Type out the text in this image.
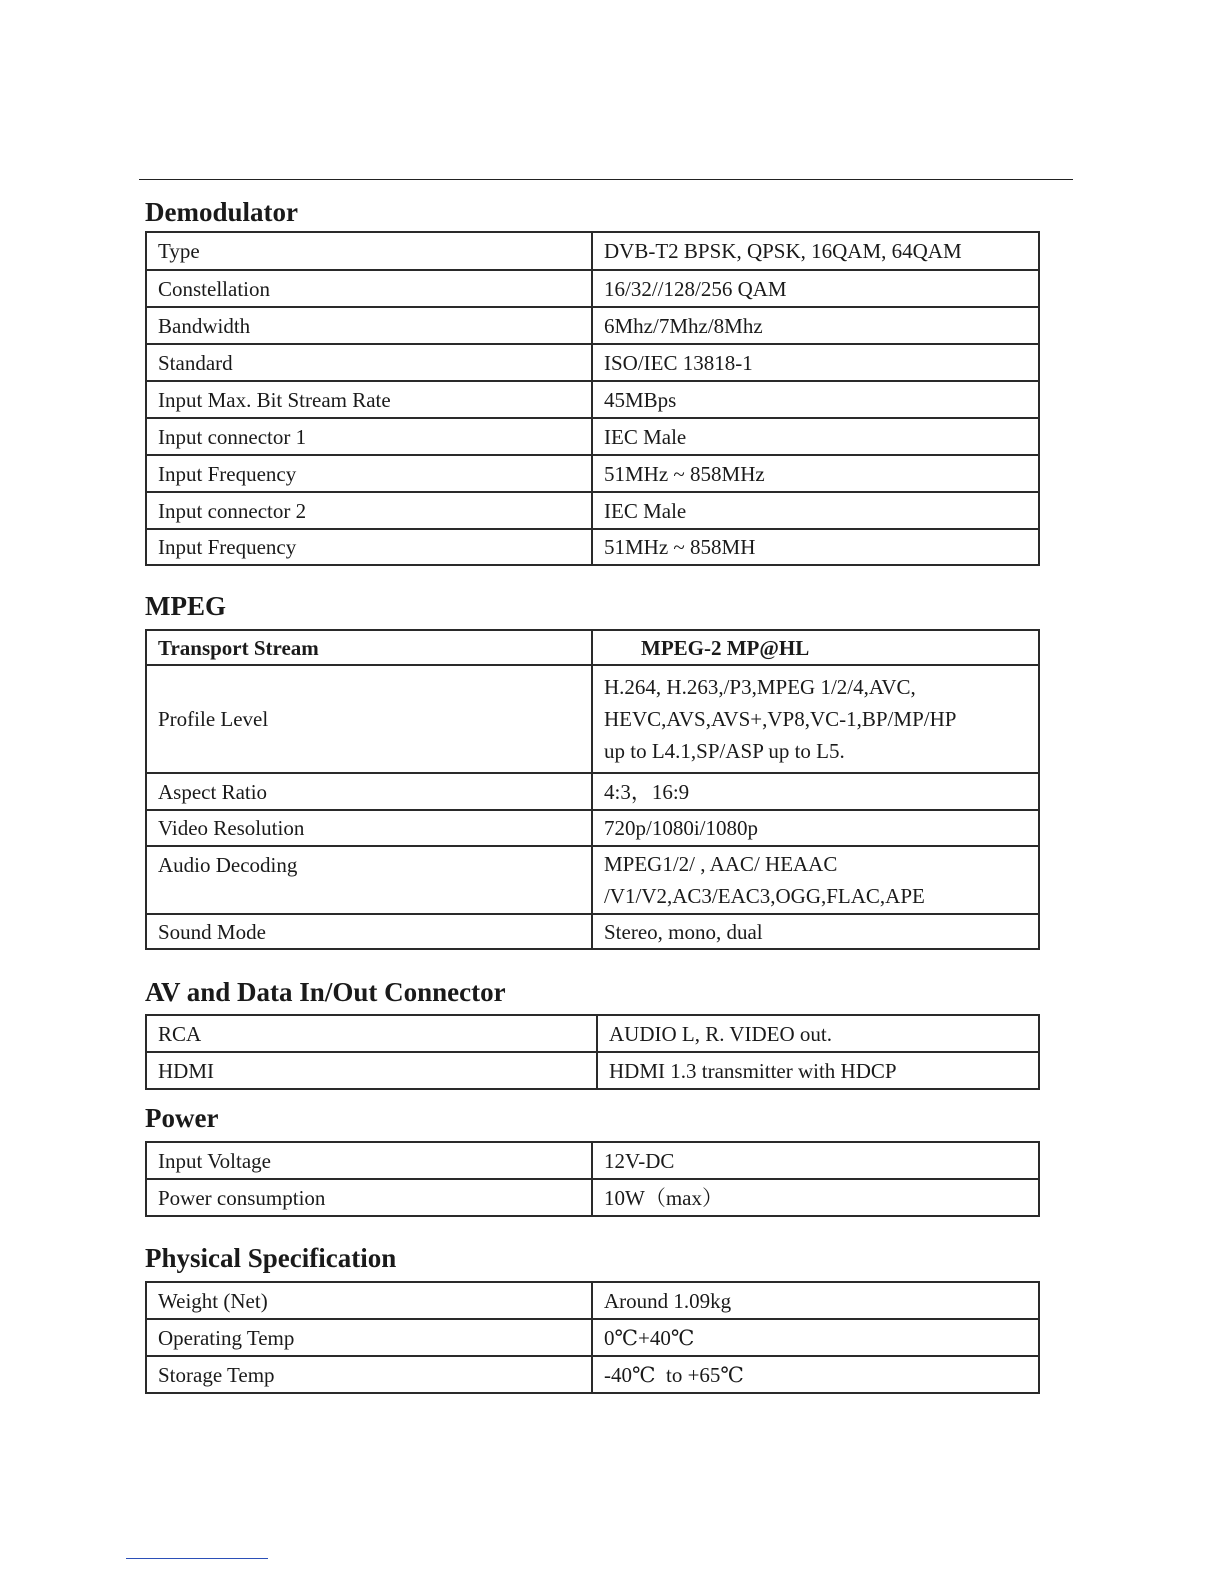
Demodulator
Type	DVB-T2 BPSK, QPSK, 16QAM, 64QAM
Constellation	16/32//128/256 QAM
Bandwidth	6Mhz/7Mhz/8Mhz
Standard	ISO/IEC 13818-1
Input Max. Bit Stream Rate	45MBps
Input connector 1	IEC Male
Input Frequency	51MHz ~ 858MHz
Input connector 2	IEC Male
Input Frequency	51MHz ~ 858MH
MPEG
Transport Stream	MPEG-2 MP@HL
Profile Level	H.264, H.263,/P3,MPEG 1/2/4,AVC,
HEVC,AVS,AVS+,VP8,VC-1,BP/MP/HP
up to L4.1,SP/ASP up to L5.

Aspect Ratio	4:3，16:9
Video Resolution	720p/1080i/1080p
Audio Decoding	MPEG1/2/ , AAC/ HEAAC
/V1/V2,AC3/EAC3,OGG,FLAC,APE

Sound Mode	Stereo, mono, dual
AV and Data In/Out Connector
RCA	AUDIO L, R. VIDEO out.
HDMI	HDMI 1.3 transmitter with HDCP
Power
Input Voltage	12V-DC
Power consumption	10W（max）
Physical Specification
Weight (Net)	Around 1.09kg
Operating Temp	0℃+40℃
Storage Temp	-40℃  to +65℃
